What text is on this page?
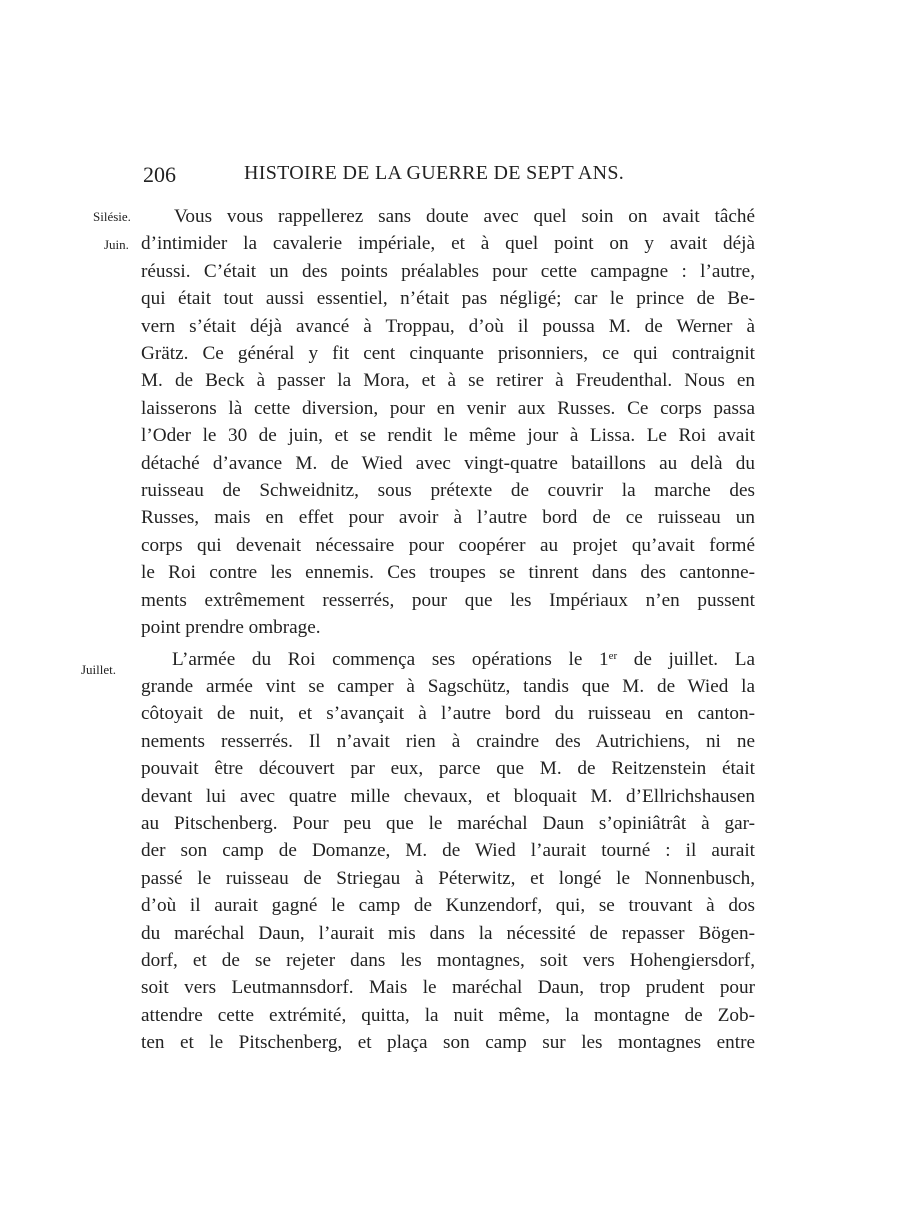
206	HISTOIRE DE LA GUERRE DE SEPT ANS.
Silésie.
Juin.
Juillet.
Vous vous rappellerez sans doute avec quel soin on avait tâché
d’intimider la cavalerie impériale, et à quel point on y avait déjà
réussi. C’était un des points préalables pour cette campagne : l’autre,
qui était tout aussi essentiel, n’était pas négligé; car le prince de Be-
vern s’était déjà avancé à Troppau, d’où il poussa M. de Werner à
Grätz. Ce général y fit cent cinquante prisonniers, ce qui contraignit
M. de Beck à passer la Mora, et à se retirer à Freudenthal. Nous en
laisserons là cette diversion, pour en venir aux Russes. Ce corps passa
l’Oder le 30 de juin, et se rendit le même jour à Lissa. Le Roi avait
détaché d’avance M. de Wied avec vingt-quatre bataillons au delà du
ruisseau de Schweidnitz, sous prétexte de couvrir la marche des
Russes, mais en effet pour avoir à l’autre bord de ce ruisseau un
corps qui devenait nécessaire pour coopérer au projet qu’avait formé
le Roi contre les ennemis. Ces troupes se tinrent dans des cantonne-
ments extrêmement resserrés, pour que les Impériaux n’en pussent
point prendre ombrage.
L’armée du Roi commença ses opérations le 1er de juillet. La
grande armée vint se camper à Sagschütz, tandis que M. de Wied la
côtoyait de nuit, et s’avançait à l’autre bord du ruisseau en canton-
nements resserrés. Il n’avait rien à craindre des Autrichiens, ni ne
pouvait être découvert par eux, parce que M. de Reitzenstein était
devant lui avec quatre mille chevaux, et bloquait M. d’Ellrichshausen
au Pitschenberg. Pour peu que le maréchal Daun s’opiniâtrât à gar-
der son camp de Domanze, M. de Wied l’aurait tourné : il aurait
passé le ruisseau de Striegau à Péterwitz, et longé le Nonnenbusch,
d’où il aurait gagné le camp de Kunzendorf, qui, se trouvant à dos
du maréchal Daun, l’aurait mis dans la nécessité de repasser Bögen-
dorf, et de se rejeter dans les montagnes, soit vers Hohengiersdorf,
soit vers Leutmannsdorf. Mais le maréchal Daun, trop prudent pour
attendre cette extrémité, quitta, la nuit même, la montagne de Zob-
ten et le Pitschenberg, et plaça son camp sur les montagnes entre
